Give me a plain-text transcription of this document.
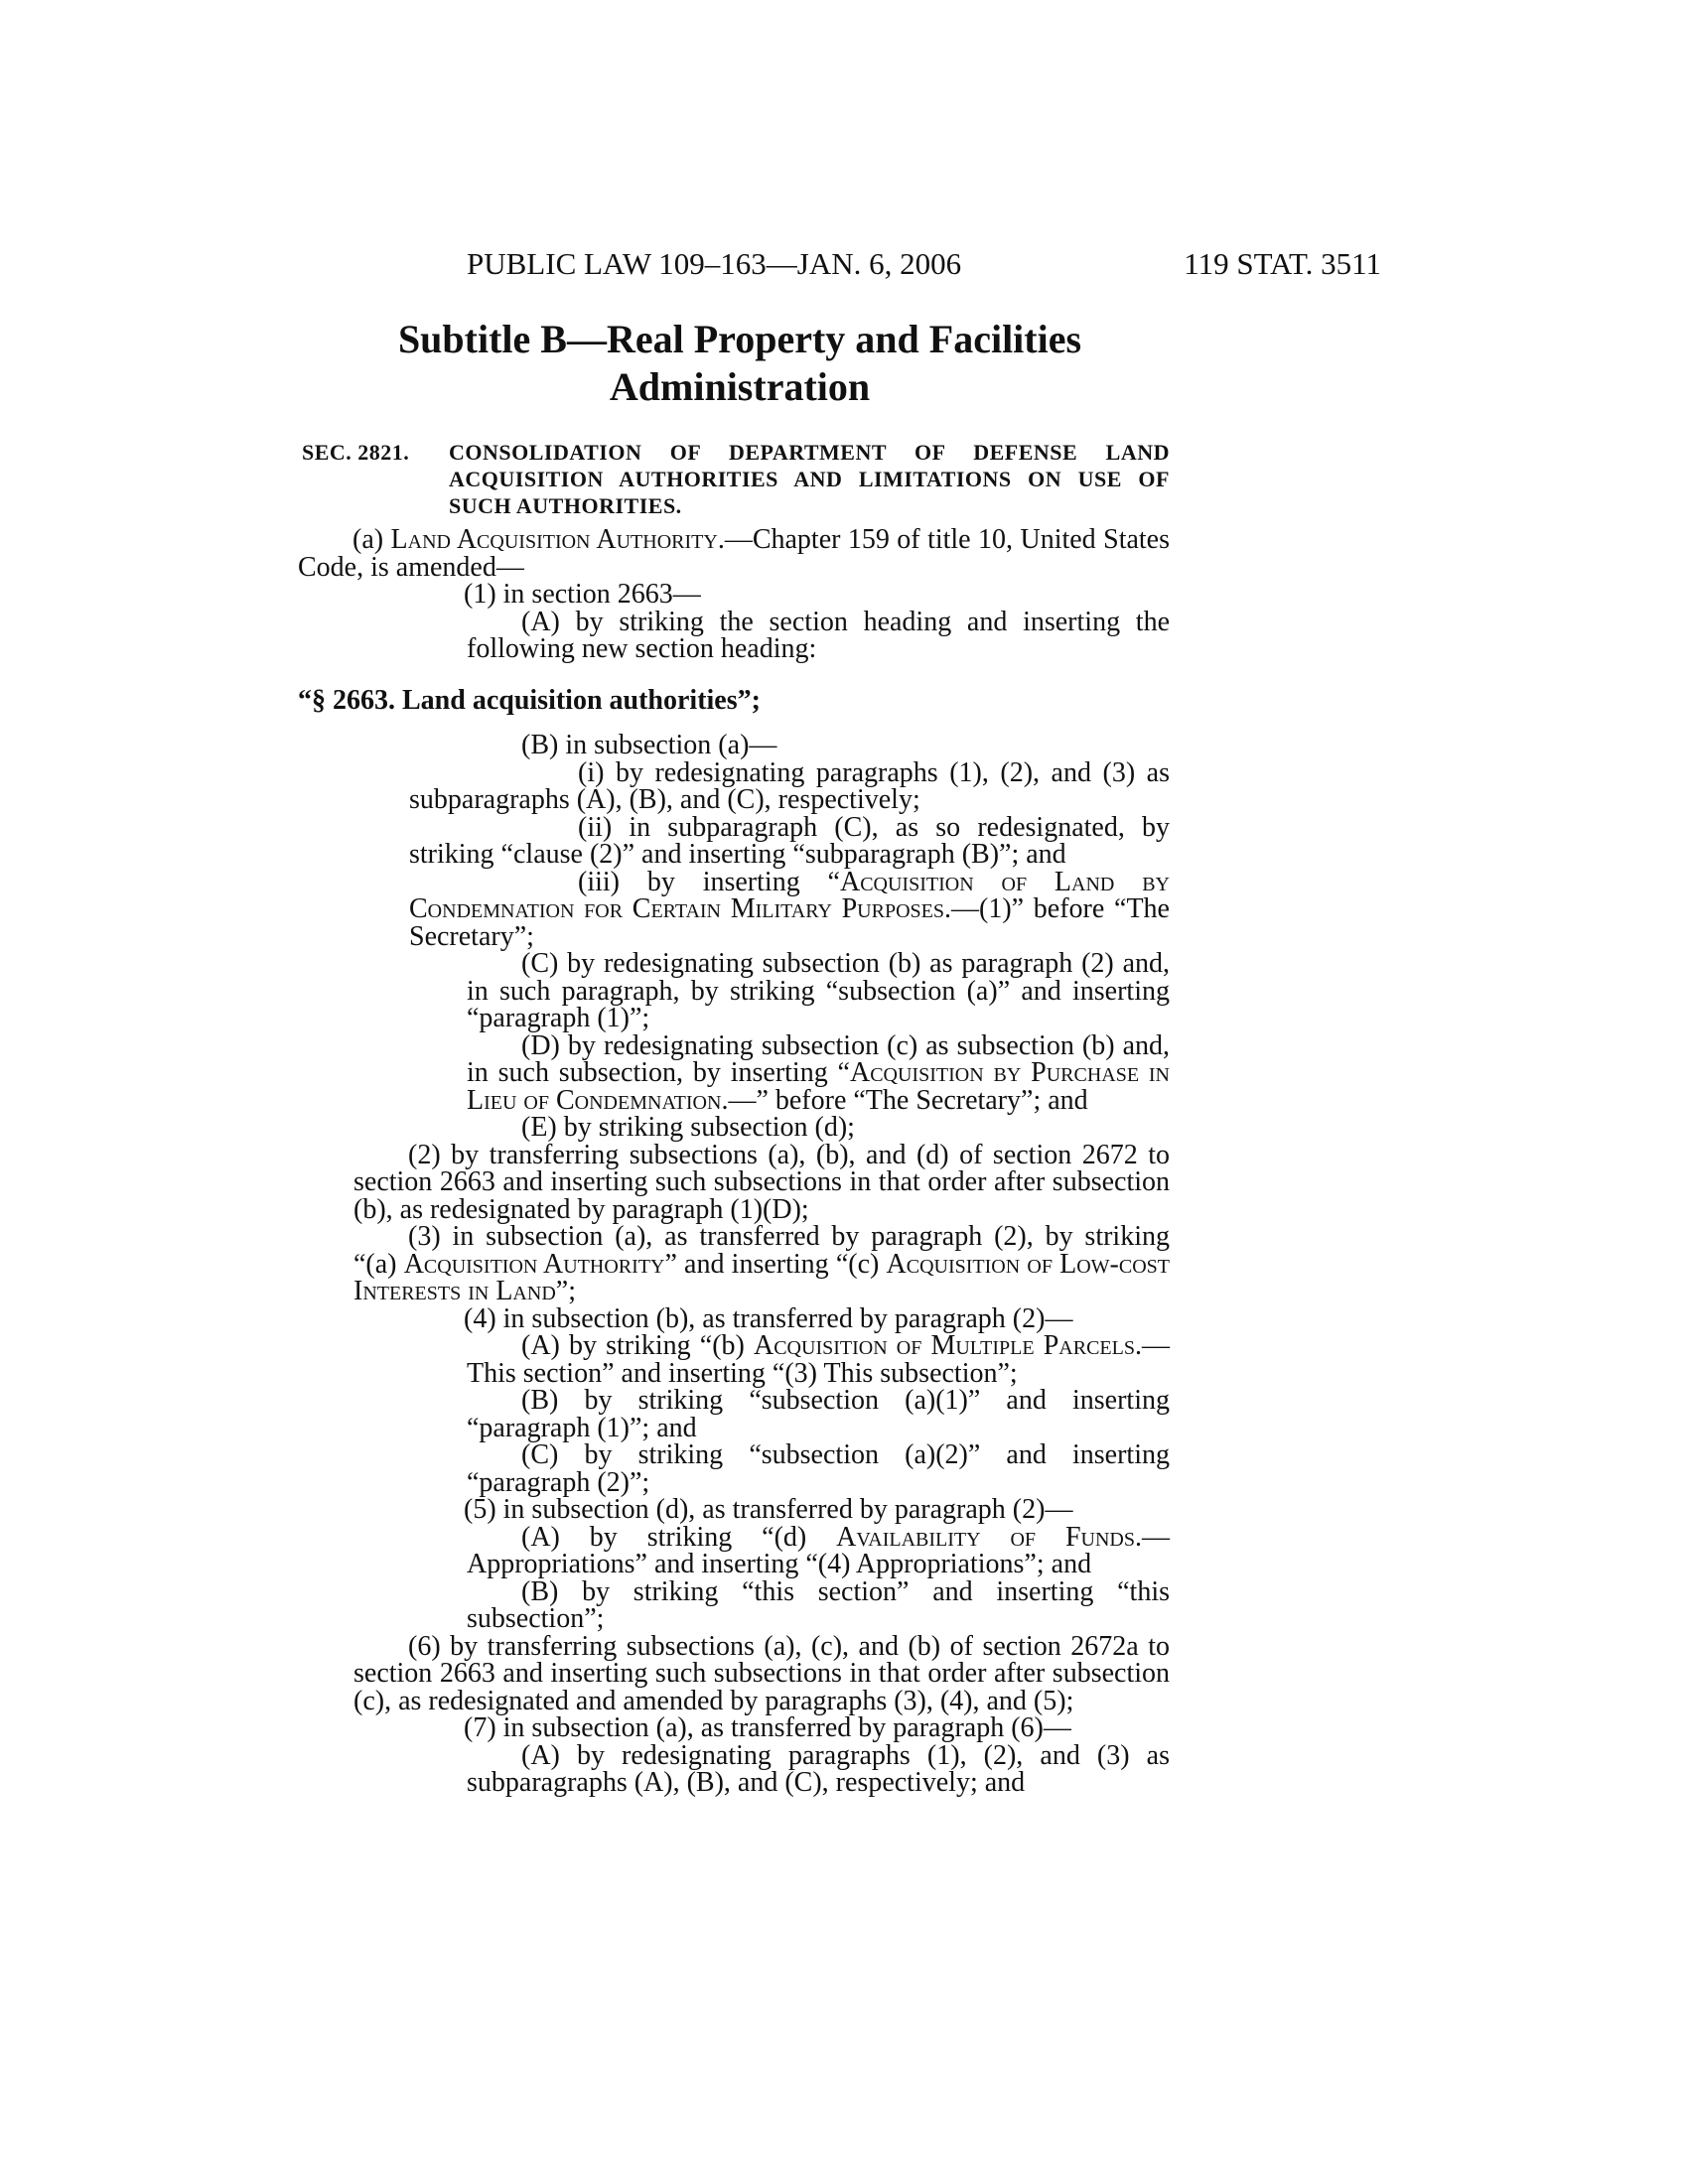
PUBLIC LAW 109–163—JAN. 6, 2006	119 STAT. 3511
Subtitle B—Real Property and Facilities Administration
SEC. 2821. CONSOLIDATION OF DEPARTMENT OF DEFENSE LAND ACQUISITION AUTHORITIES AND LIMITATIONS ON USE OF SUCH AUTHORITIES.

(a) Land Acquisition Authority.—Chapter 159 of title 10, United States Code, is amended—

(1) in section 2663—

(A) by striking the section heading and inserting the following new section heading:

“§ 2663. Land acquisition authorities”;

(B) in subsection (a)—

(i) by redesignating paragraphs (1), (2), and (3) as subparagraphs (A), (B), and (C), respectively;

(ii) in subparagraph (C), as so redesignated, by striking “clause (2)” and inserting “subparagraph (B)”; and

(iii) by inserting “Acquisition of Land by Condemnation for Certain Military Purposes.—(1)” before “The Secretary”;

(C) by redesignating subsection (b) as paragraph (2) and, in such paragraph, by striking “subsection (a)” and inserting “paragraph (1)”;

(D) by redesignating subsection (c) as subsection (b) and, in such subsection, by inserting “Acquisition by Purchase in Lieu of Condemnation.—” before “The Secretary”; and

(E) by striking subsection (d);

(2) by transferring subsections (a), (b), and (d) of section 2672 to section 2663 and inserting such subsections in that order after subsection (b), as redesignated by paragraph (1)(D);

(3) in subsection (a), as transferred by paragraph (2), by striking “(a) Acquisition Authority” and inserting “(c) Acquisition of Low-cost Interests in Land”;

(4) in subsection (b), as transferred by paragraph (2)—

(A) by striking “(b) Acquisition of Multiple Parcels.—This section” and inserting “(3) This subsection”;

(B) by striking “subsection (a)(1)” and inserting “paragraph (1)”; and

(C) by striking “subsection (a)(2)” and inserting “paragraph (2)”;

(5) in subsection (d), as transferred by paragraph (2)—

(A) by striking “(d) Availability of Funds.—Appropriations” and inserting “(4) Appropriations”; and

(B) by striking “this section” and inserting “this subsection”;

(6) by transferring subsections (a), (c), and (b) of section 2672a to section 2663 and inserting such subsections in that order after subsection (c), as redesignated and amended by paragraphs (3), (4), and (5);

(7) in subsection (a), as transferred by paragraph (6)—

(A) by redesignating paragraphs (1), (2), and (3) as subparagraphs (A), (B), and (C), respectively; and
